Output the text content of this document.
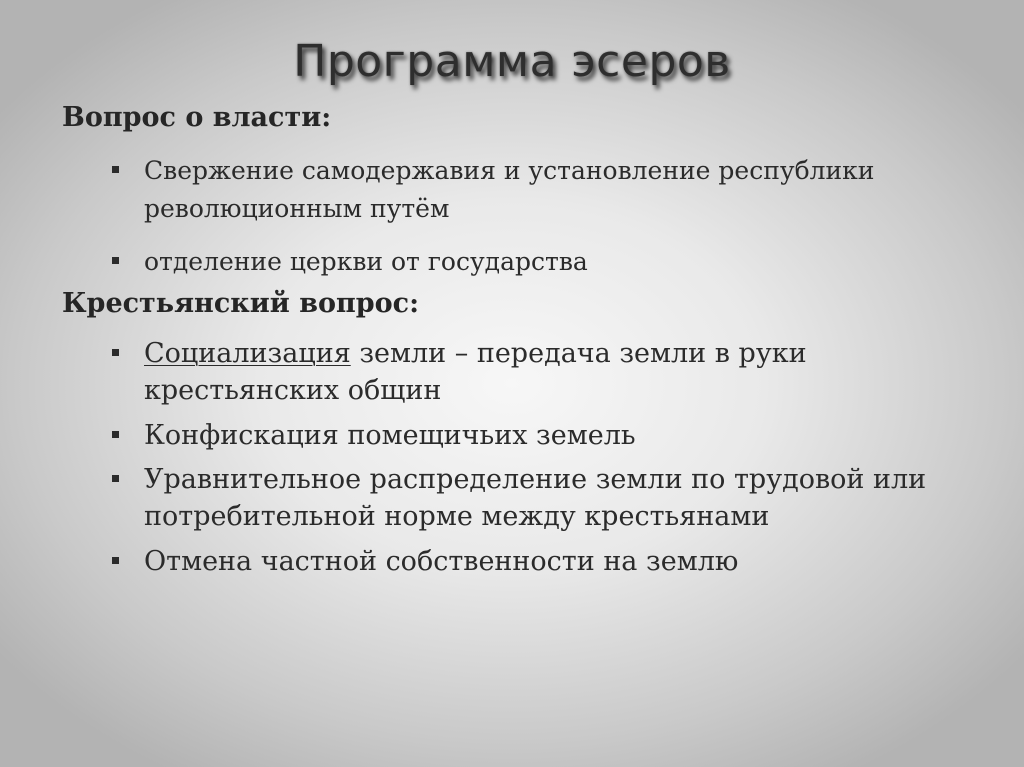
Программа эсеров
Вопрос о власти:
Свержение самодержавия и установление республики революционным путём
отделение церкви от государства
Крестьянский вопрос:
Социализация земли – передача земли в руки крестьянских общин
Конфискация помещичьих земель
Уравнительное распределение земли по трудовой или потребительной норме между крестьянами
Отмена частной собственности на землю
